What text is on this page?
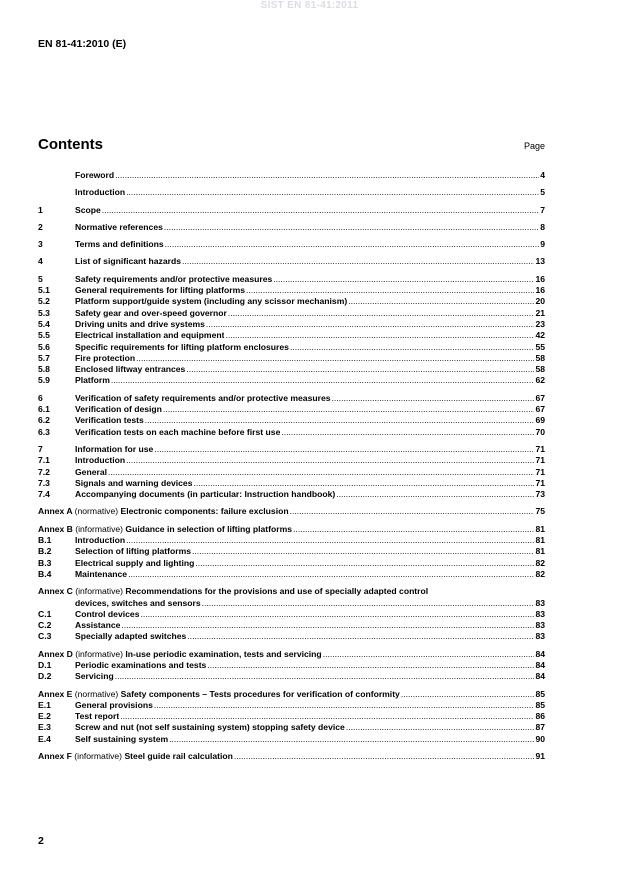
SIST EN 81-41:2011
EN 81-41:2010 (E)
Contents	Page
Foreword .....	4
Introduction .....	5
1	Scope .....	7
2	Normative references .....	8
3	Terms and definitions .....	9
4	List of significant hazards .....	13
5	Safety requirements and/or protective measures .....	16
5.1	General requirements for lifting platforms .....	16
5.2	Platform support/guide system (including any scissor mechanism) .....	20
5.3	Safety gear and over-speed governor .....	21
5.4	Driving units and drive systems .....	23
5.5	Electrical installation and equipment .....	42
5.6	Specific requirements for lifting platform enclosures .....	55
5.7	Fire protection .....	58
5.8	Enclosed liftway entrances .....	58
5.9	Platform .....	62
6	Verification of safety requirements and/or protective measures .....	67
6.1	Verification of design .....	67
6.2	Verification tests .....	69
6.3	Verification tests on each machine before first use .....	70
7	Information for use .....	71
7.1	Introduction .....	71
7.2	General .....	71
7.3	Signals and warning devices .....	71
7.4	Accompanying documents (in particular: Instruction handbook) .....	73
Annex A (normative) Electronic components: failure exclusion .....	75
Annex B (informative) Guidance in selection of lifting platforms .....	81
B.1	Introduction .....	81
B.2	Selection of lifting platforms .....	81
B.3	Electrical supply and lighting .....	82
B.4	Maintenance .....	82
Annex C (informative) Recommendations for the provisions and use of specially adapted control
devices, switches and sensors .....	83
C.1	Control devices .....	83
C.2	Assistance .....	83
C.3	Specially adapted switches .....	83
Annex D (informative) In-use periodic examination, tests and servicing .....	84
D.1	Periodic examinations and tests .....	84
D.2	Servicing .....	84
Annex E (normative) Safety components – Tests procedures for verification of conformity .....	85
E.1	General provisions .....	85
E.2	Test report .....	86
E.3	Screw and nut (not self sustaining system) stopping safety device .....	87
E.4	Self sustaining system .....	90
Annex F (informative) Steel guide rail calculation .....	91
2
